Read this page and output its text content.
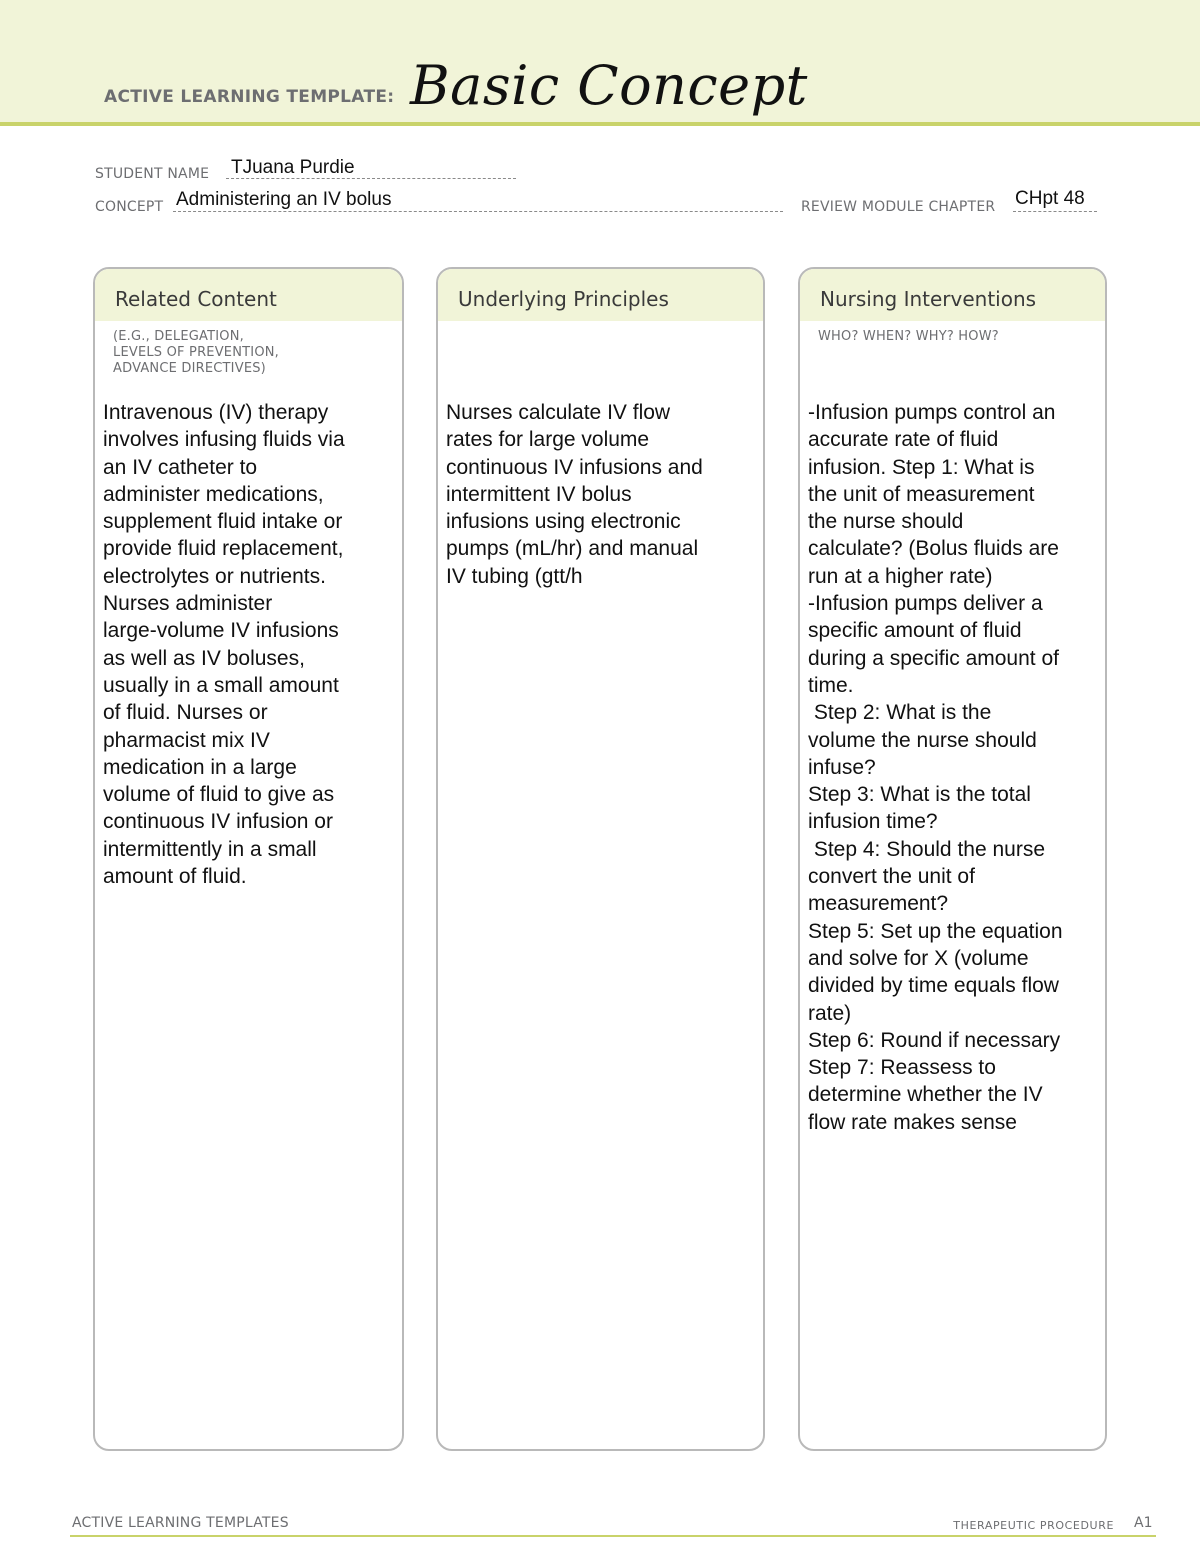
ACTIVE LEARNING TEMPLATE: Basic Concept
STUDENT NAME TJuana Purdie
CONCEPT Administering an IV bolus	REVIEW MODULE CHAPTER CHpt 48
Related Content
(E.G., DELEGATION,
LEVELS OF PREVENTION,
ADVANCE DIRECTIVES)
Intravenous (IV) therapy
involves infusing fluids via
an IV catheter to
administer medications,
supplement fluid intake or
provide fluid replacement,
electrolytes or nutrients.
Nurses administer
large-volume IV infusions
as well as IV boluses,
usually in a small amount
of fluid. Nurses or
pharmacist mix IV
medication in a large
volume of fluid to give as
continuous IV infusion or
intermittently in a small
amount of fluid.
Underlying Principles
Nurses calculate IV flow
rates for large volume
continuous IV infusions and
intermittent IV bolus
infusions using electronic
pumps (mL/hr) and manual
IV tubing (gtt/h
Nursing Interventions
WHO? WHEN? WHY? HOW?
-Infusion pumps control an
accurate rate of fluid
infusion. Step 1: What is
the unit of measurement
the nurse should
calculate? (Bolus fluids are
run at a higher rate)
-Infusion pumps deliver a
specific amount of fluid
during a specific amount of
time.
Step 2: What is the
volume the nurse should
infuse?
Step 3: What is the total
infusion time?
Step 4: Should the nurse
convert the unit of
measurement?
Step 5: Set up the equation
and solve for X (volume
divided by time equals flow
rate)
Step 6: Round if necessary
Step 7: Reassess to
determine whether the IV
flow rate makes sense
ACTIVE LEARNING TEMPLATES	THERAPEUTIC PROCEDURE A1
